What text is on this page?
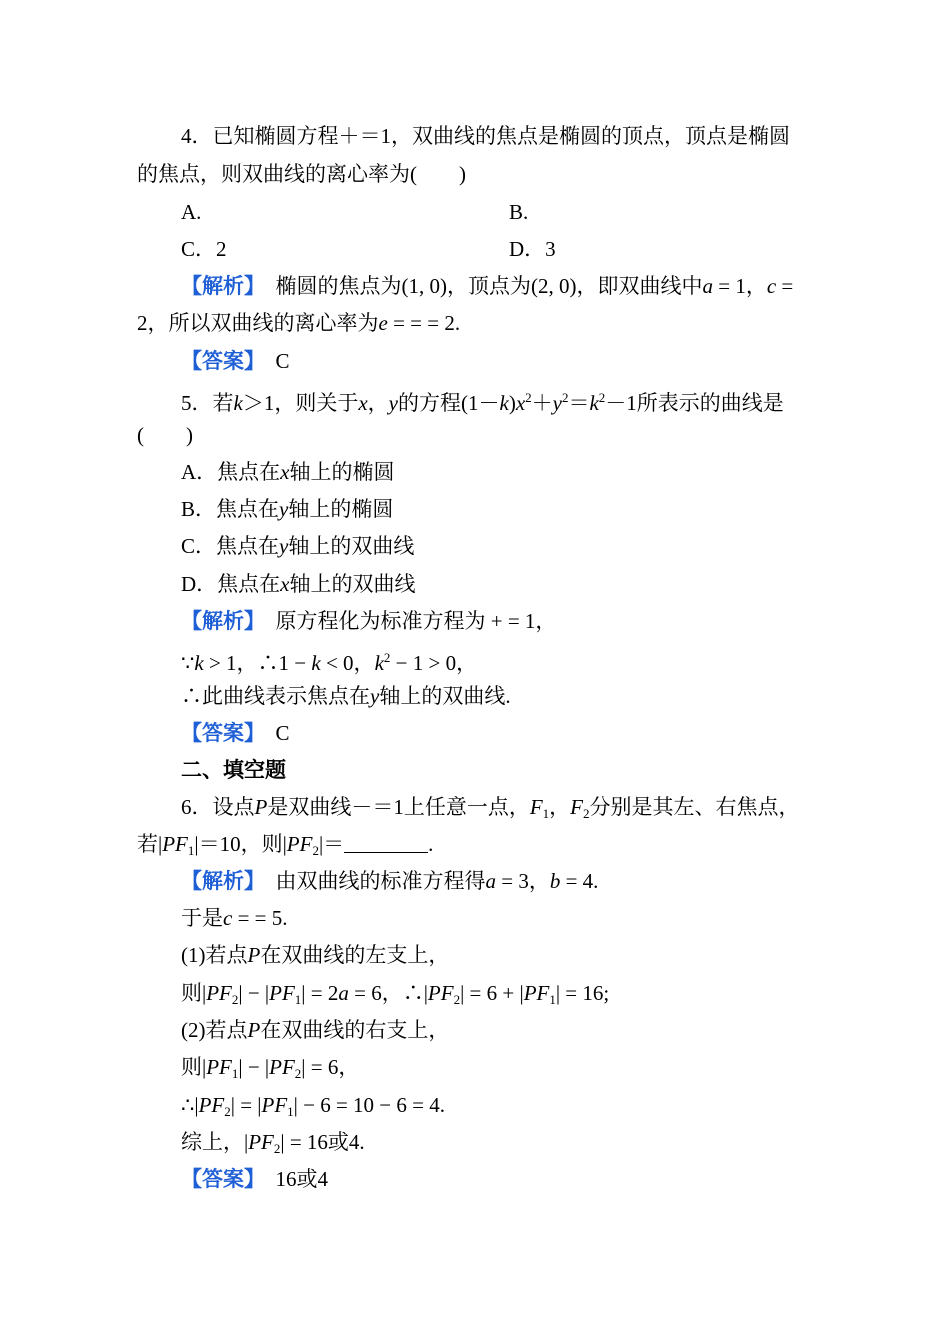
4．已知椭圆方程＋＝1，双曲线的焦点是椭圆的顶点，顶点是椭圆
的焦点，则双曲线的离心率为(　　)
A.	B.
C．2	D．3
【解析】　椭圆的焦点为(1, 0)，顶点为(2, 0)，即双曲线中a = 1，c =
2，所以双曲线的离心率为e = = = 2.
【答案】　C
5．若k＞1，则关于x，y的方程$(1-k)x^2+y^2=k^2-1$所表示的曲线是
(　　)
A．焦点在x轴上的椭圆
B．焦点在y轴上的椭圆
C．焦点在y轴上的双曲线
D．焦点在x轴上的双曲线
【解析】　原方程化为标准方程为 + = 1，
∵k > 1，∴1 − k < 0，$k^2 - 1 > 0$，
∴此曲线表示焦点在y轴上的双曲线.
【答案】　C
二、填空题
6．设点P是双曲线－＝1上任意一点，$F_1$，$F_2$分别是其左、右焦点，
若$|PF_1|=10$，则$|PF_2|=$	.
【解析】　由双曲线的标准方程得a = 3，b = 4.
于是c = = 5.
(1)若点P在双曲线的左支上，
则$|PF_2| - |PF_1| = 2a = 6$，$\therefore|PF_2| = 6 + |PF_1| = 16$;
(2)若点P在双曲线的右支上，
则$|PF_1| - |PF_2| = 6$，
$\therefore|PF_2| = |PF_1| - 6 = 10 - 6 = 4$.
综上，$|PF_2| = 16$或4.
【答案】　16或4
